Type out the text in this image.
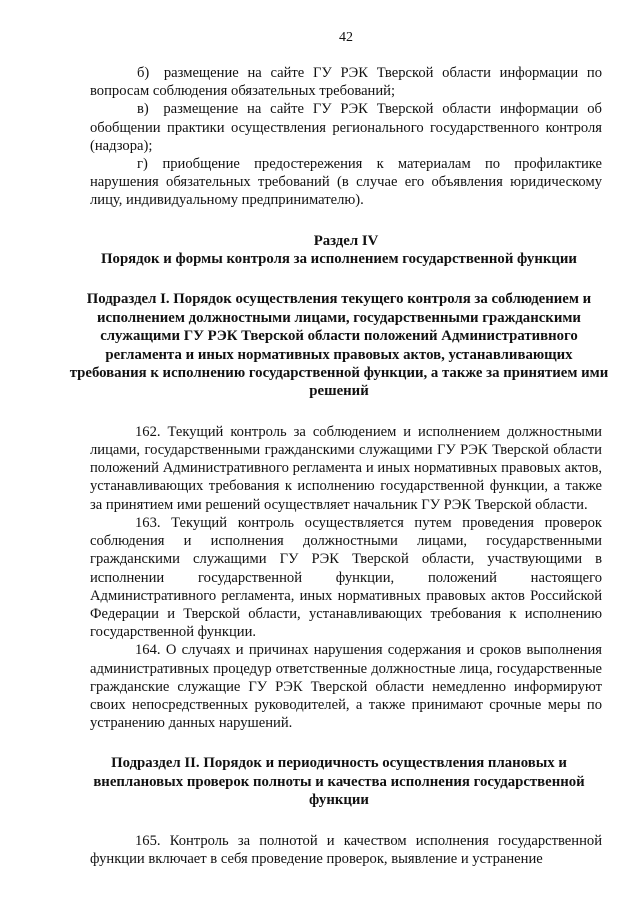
42

б) размещение на сайте ГУ РЭК Тверской области информации по вопросам соблюдения обязательных требований;

в) размещение на сайте ГУ РЭК Тверской области информации об обобщении практики осуществления регионального государственного контроля (надзора);

г) приобщение предостережения к материалам по профилактике нарушения обязательных требований (в случае его объявления юридическому лицу, индивидуальному предпринимателю).

Раздел IV
Порядок и формы контроля за исполнением государственной функции
Подраздел I. Порядок осуществления текущего контроля за соблюдением и исполнением должностными лицами, государственными гражданскими служащими ГУ РЭК Тверской области положений Административного регламента и иных нормативных правовых актов, устанавливающих требования к исполнению государственной функции, а также за принятием ими решений

162. Текущий контроль за соблюдением и исполнением должностными лицами, государственными гражданскими служащими ГУ РЭК Тверской области положений Административного регламента и иных нормативных правовых актов, устанавливающих требования к исполнению государственной функции, а также за принятием ими решений осуществляет начальник ГУ РЭК Тверской области.

163. Текущий контроль осуществляется путем проведения проверок соблюдения и исполнения должностными лицами, государственными гражданскими служащими ГУ РЭК Тверской области, участвующими в исполнении государственной функции, положений настоящего Административного регламента, иных нормативных правовых актов Российской Федерации и Тверской области, устанавливающих требования к исполнению государственной функции.

164. О случаях и причинах нарушения содержания и сроков выполнения административных процедур ответственные должностные лица, государственные гражданские служащие ГУ РЭК Тверской области немедленно информируют своих непосредственных руководителей, а также принимают срочные меры по устранению данных нарушений.

Подраздел II. Порядок и периодичность осуществления плановых и внеплановых проверок полноты и качества исполнения государственной функции

165. Контроль за полнотой и качеством исполнения государственной функции включает в себя проведение проверок, выявление и устранение
